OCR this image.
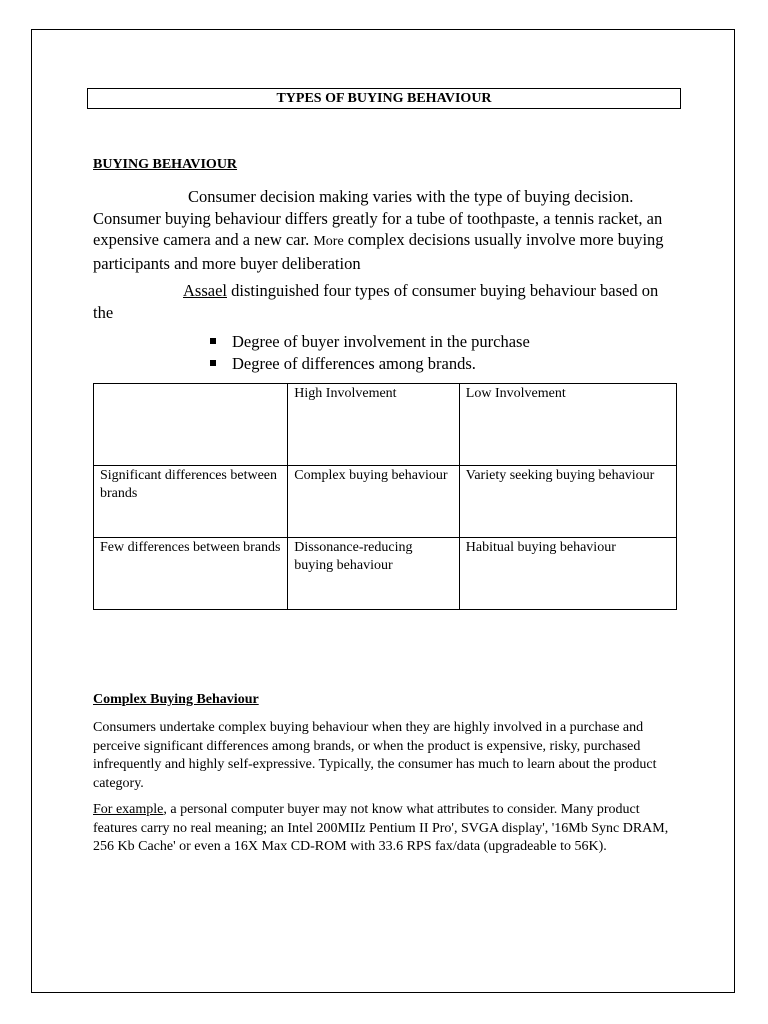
TYPES OF BUYING BEHAVIOUR
BUYING BEHAVIOUR
Consumer decision making varies with the type of buying decision. Consumer buying behaviour differs greatly for a tube of toothpaste, a tennis racket, an expensive camera and a new car. More complex decisions usually involve more buying participants and more buyer deliberation
Assael distinguished four types of consumer buying behaviour based on the
Degree of buyer involvement in the purchase
Degree of differences among brands.
	High Involvement	Low Involvement
Significant differences between brands	Complex buying behaviour	Variety seeking buying behaviour
Few differences between brands	Dissonance-reducing buying behaviour	Habitual buying behaviour
Complex Buying Behaviour

Consumers undertake complex buying behaviour when they are highly involved in a purchase and perceive significant differences among brands, or when the product is expensive, risky, purchased infrequently and highly self-expressive. Typically, the consumer has much to learn about the product category.

For example, a personal computer buyer may not know what attributes to consider. Many product features carry no real meaning; an Intel 200MIIz Pentium II Pro', SVGA display', '16Mb Sync DRAM, 256 Kb Cache' or even a 16X Max CD-ROM with 33.6 RPS fax/data (upgradeable to 56K).
